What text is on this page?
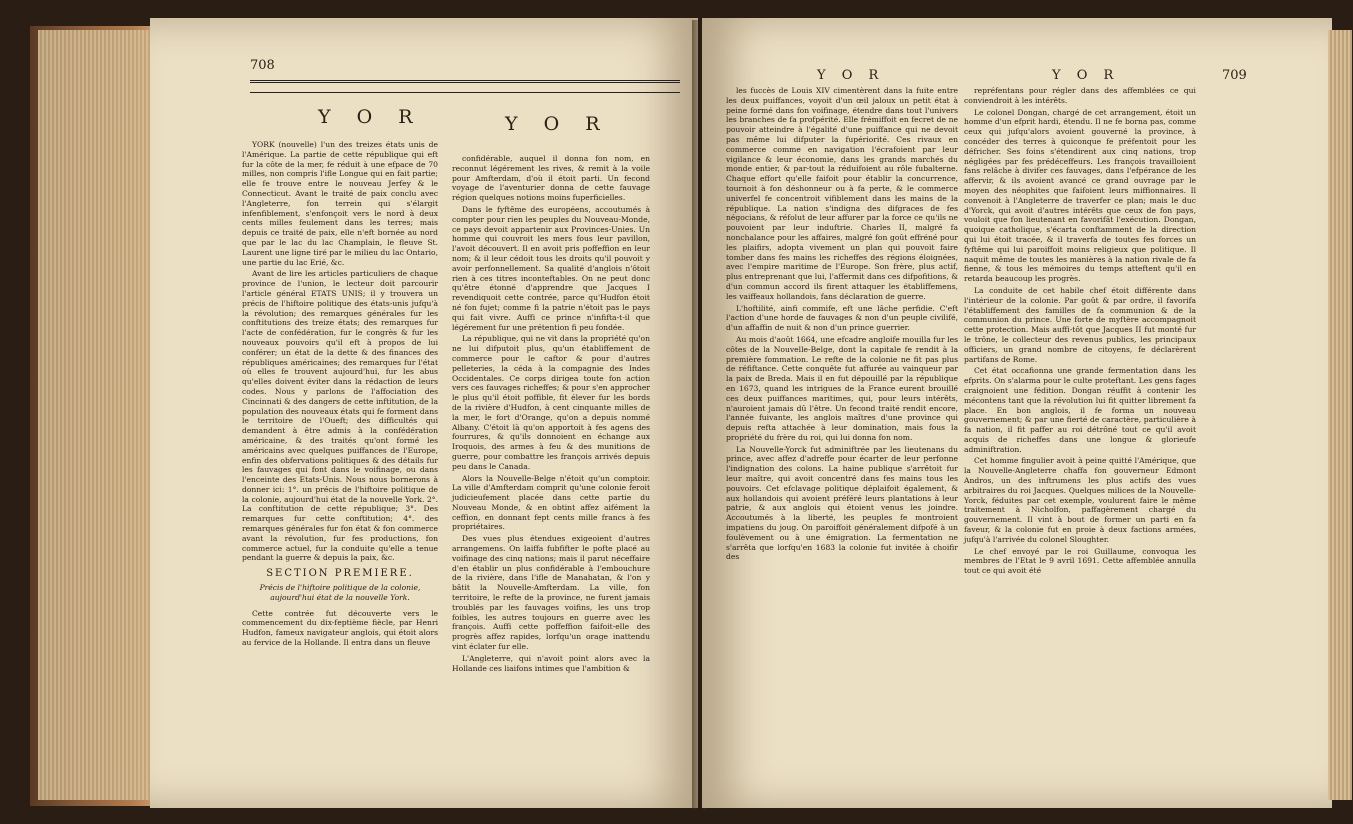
708
Y O R	Y O R

YORK (nouvelle) l'un des treizes états unis de l'Amérique. La partie de cette république qui eft fur la côte de la mer, fe réduit à une efpace de 70 milles, non compris l'ifle Longue qui en fait partie; elle fe trouve entre le nouveau Jerfey & le Connecticut. Avant le traité de paix conclu avec l'Angleterre, fon terrein qui s'élargit infenfiblement, s'enfonçoit vers le nord à deux cents milles feulement dans les terres; mais depuis ce traité de paix, elle n'eft bornée au nord que par le lac du lac Champlain, le fleuve St. Laurent une ligne tiré par le milieu du lac Ontario, une partie du lac Erié, &c.

Avant de lire les articles particuliers de chaque province de l'union, le lecteur doit parcourir l'article général ETATS UNIS; il y trouvera un précis de l'hiftoire politique des états-unis jufqu'à la révolution; des remarques générales fur les conftitutions des treize états; des remarques fur l'acte de confédération, fur le congrès & fur les nouveaux pouvoirs qu'il eft à propos de lui conférer; un état de la dette & des finances des républiques américaines; des remarques fur l'état où elles fe trouvent aujourd'hui, fur les abus qu'elles doivent éviter dans la rédaction de leurs codes. Nous y parlons de l'affociation des Cincinnati & des dangers de cette inftitution, de la population des nouveaux états qui fe forment dans le territoire de l'Oueft; des difficultés qui demandent à être admis à la confédération américaine, & des traités qu'ont formé les américains avec quelques puiffances de l'Europe, enfin des obfervations politiques & des détails fur les fauvages qui font dans le voifinage, ou dans l'enceinte des Etats-Unis. Nous nous bornerons à donner ici: 1°. un précis de l'hiftoire politique de la colonie, aujourd'hui état de la nouvelle York. 2°. La conftitution de cette république; 3°. Des remarques fur cette conftitution; 4°. des remarques générales fur fon état & fon commerce avant la révolution, fur fes productions, fon commerce actuel, fur la conduite qu'elle a tenue pendant la guerre & depuis la paix, &c.

SECTION PREMIERE.
Précis de l'hiftoire politique de la colonie, aujourd'hui état de la nouvelle York.

Cette contrée fut découverte vers le commencement du dix-feptième fiècle, par Henri Hudfon, fameux navigateur anglois, qui étoit alors au fervice de la Hollande. Il entra dans un fleuve

confidérable, auquel il donna fon nom, en reconnut légérement les rives, & remit à la voile pour Amfterdam, d'où il étoit parti. Un fecond voyage de l'aventurier donna de cette fauvage région quelques notions moins fuperficielles.

Dans le fyftême des européens, accoutumés à compter pour rien les peuples du Nouveau-Monde, ce pays devoit appartenir aux Provinces-Unies. Un homme qui couvroit les mers fous leur pavillon, l'avoit découvert. Il en avoit pris poffeffion en leur nom; & il leur cédoit tous les droits qu'il pouvoit y avoir perfonnellement. Sa qualité d'anglois n'ôtoit rien à ces titres inconteftables. On ne peut donc qu'être étonné d'apprendre que Jacques I revendiquoit cette contrée, parce qu'Hudfon étoit né fon fujet; comme fi la patrie n'étoit pas le pays qui fait vivre. Auffi ce prince n'infifta-t-il que légérement fur une prétention fi peu fondée.

La république, qui ne vit dans la propriété qu'on ne lui difputoit plus, qu'un établiffement de commerce pour le caftor & pour d'autres pelleteries, la céda à la compagnie des Indes Occidentales. Ce corps dirigea toute fon action vers ces fauvages richeffes; & pour s'en approcher le plus qu'il étoit poffible, fit élever fur les bords de la rivière d'Hudfon, à cent cinquante milles de la mer, le fort d'Orange, qu'on a depuis nommé Albany. C'étoit là qu'on apportoit à fes agens des fourrures, & qu'ils donnoient en échange aux Iroquois, des armes à feu & des munitions de guerre, pour combattre les françois arrivés depuis peu dans le Canada.

Alors la Nouvelle-Belge n'étoit qu'un comptoir. La ville d'Amfterdam comprit qu'une colonie feroit judicieufement placée dans cette partie du Nouveau Monde, & en obtint affez aifément la ceffion, en donnant fept cents mille francs à fes propriétaires.

Des vues plus étendues exigeoient d'autres arrangemens. On laiffa fubfifter le pofte placé au voifinage des cinq nations; mais il parut néceffaire d'en établir un plus confidérable à l'embouchure de la rivière, dans l'ifle de Manahatan, & l'on y bâtit la Nouvelle-Amfterdam. La ville, fon territoire, le refte de la province, ne furent jamais troublés par les fauvages voifins, les uns trop foibles, les autres toujours en guerre avec les françois. Auffi cette poffeffion faifoit-elle des progrès affez rapides, lorfqu'un orage inattendu vint éclater fur elle.

L'Angleterre, qui n'avoit point alors avec la Hollande ces liaifons intimes que l'ambition &

Y O R	Y O R	709

les fuccès de Louis XIV cimentèrent dans la fuite entre les deux puiffances, voyoit d'un œil jaloux un petit état à peine formé dans fon voifinage, étendre dans tout l'univers les branches de fa profpérité. Elle frémiffoit en fecret de ne pouvoir atteindre à l'égalité d'une puiffance qui ne devoit pas même lui difputer la fupériorité. Ces rivaux en commerce comme en navigation l'écrafoient par leur vigilance & leur économie, dans les grands marchés du monde entier, & par-tout la réduifoient au rôle fubalterne. Chaque effort qu'elle faifoit pour établir la concurrence, tournoit à fon déshonneur ou à fa perte, & le commerce univerfel fe concentroit vifiblement dans les mains de la république. La nation s'indigna des difgraces de fes négocians, & réfolut de leur affurer par la force ce qu'ils ne pouvoient par leur induftrie. Charles II, malgré fa nonchalance pour les affaires, malgré fon goût effréné pour les plaifirs, adopta vivement un plan qui pouvoit faire tomber dans fes mains les richeffes des régions éloignées, avec l'empire maritime de l'Europe. Son frère, plus actif, plus entreprenant que lui, l'affermit dans ces difpofitions, & d'un commun accord ils firent attaquer les établiffemens, les vaiffeaux hollandois, fans déclaration de guerre.

L'hoftilité, ainfi commife, eft une lâche perfidie. C'eft l'action d'une horde de fauvages & non d'un peuple civilifé, d'un affaffin de nuit & non d'un prince guerrier.

Au mois d'août 1664, une efcadre angloife mouilla fur les côtes de la Nouvelle-Belge, dont la capitale fe rendit à la première fommation. Le refte de la colonie ne fit pas plus de réfiftance. Cette conquête fut affurée au vainqueur par la paix de Breda. Mais il en fut dépouillé par la république en 1673, quand les intrigues de la France eurent brouillé ces deux puiffances maritimes, qui, pour leurs intérêts, n'auroient jamais dû l'être. Un fecond traité rendit encore, l'année fuivante, les anglois maîtres d'une province qui depuis refta attachée à leur domination, mais fous la propriété du frère du roi, qui lui donna fon nom.

La Nouvelle-Yorck fut adminiftrée par les lieutenans du prince, avec affez d'adreffe pour écarter de leur perfonne l'indignation des colons. La haine publique s'arrêtoit fur leur maître, qui avoit concentré dans fes mains tous les pouvoirs. Cet efclavage politique déplaifoit également, & aux hollandois qui avoient préféré leurs plantations à leur patrie, & aux anglois qui étoient venus les joindre. Accoutumés à la liberté, les peuples fe montroient impatiens du joug. On paroiffoit généralement difpofé à un foulèvement ou à une émigration. La fermentation ne s'arrêta que lorfqu'en 1683 la colonie fut invitée à choifir des

repréfentans pour régler dans des affemblées ce qui conviendroit à les intérêts.

Le colonel Dongan, chargé de cet arrangement, étoit un homme d'un efprit hardi, étendu. Il ne fe borna pas, comme ceux qui jufqu'alors avoient gouverné la province, à concéder des terres à quiconque fe préfentoit pour les défricher. Ses foins s'étendirent aux cinq nations, trop négligées par fes prédéceffeurs. Les françois travailloient fans relâche à divifer ces fauvages, dans l'efpérance de les affervir, & ils avoient avancé ce grand ouvrage par le moyen des néophites que faifoient leurs miffionnaires. Il convenoit à l'Angleterre de traverfer ce plan; mais le duc d'Yorck, qui avoit d'autres intérêts que ceux de fon pays, vouloit que fon lieutenant en favorifât l'exécution. Dongan, quoique catholique, s'écarta conftamment de la direction qui lui étoit tracée, & il traverfa de toutes fes forces un fyftême qui lui paroiffoit moins religieux que politique. Il naquit même de toutes les manières à la nation rivale de fa fienne, & tous les mémoires du temps atteftent qu'il en retarda beaucoup les progrès.

La conduite de cet habile chef étoit différente dans l'intérieur de la colonie. Par goût & par ordre, il favorifa l'établiffement des familles de fa communion & de la communion du prince. Une forte de myftère accompagnoit cette protection. Mais auffi-tôt que Jacques II fut monté fur le trône, le collecteur des revenus publics, les principaux officiers, un grand nombre de citoyens, fe déclarèrent partifans de Rome.

Cet état occafionna une grande fermentation dans les efprits. On s'alarma pour le culte proteftant. Les gens fages craignoient une fédition. Dongan réuffit à contenir les mécontens tant que la révolution lui fit quitter librement fa place. En bon anglois, il fe forma un nouveau gouvernement; & par une fierté de caractère, particulière à fa nation, il fit paffer au roi détrôné tout ce qu'il avoit acquis de richeffes dans une longue & glorieufe adminiftration.

Cet homme fingulier avoit à peine quitté l'Amérique, que la Nouvelle-Angleterre chaffa fon gouverneur Edmont Andros, un des inftrumens les plus actifs des vues arbitraires du roi Jacques. Quelques milices de la Nouvelle-Yorck, féduites par cet exemple, voulurent faire le même traitement à Nicholfon, paffagèrement chargé du gouvernement. Il vint à bout de former un parti en fa faveur, & la colonie fut en proie à deux factions armées, jufqu'à l'arrivée du colonel Sloughter.

Le chef envoyé par le roi Guillaume, convoqua les membres de l'Etat le 9 avril 1691. Cette affemblée annulla tout ce qui avoit été
